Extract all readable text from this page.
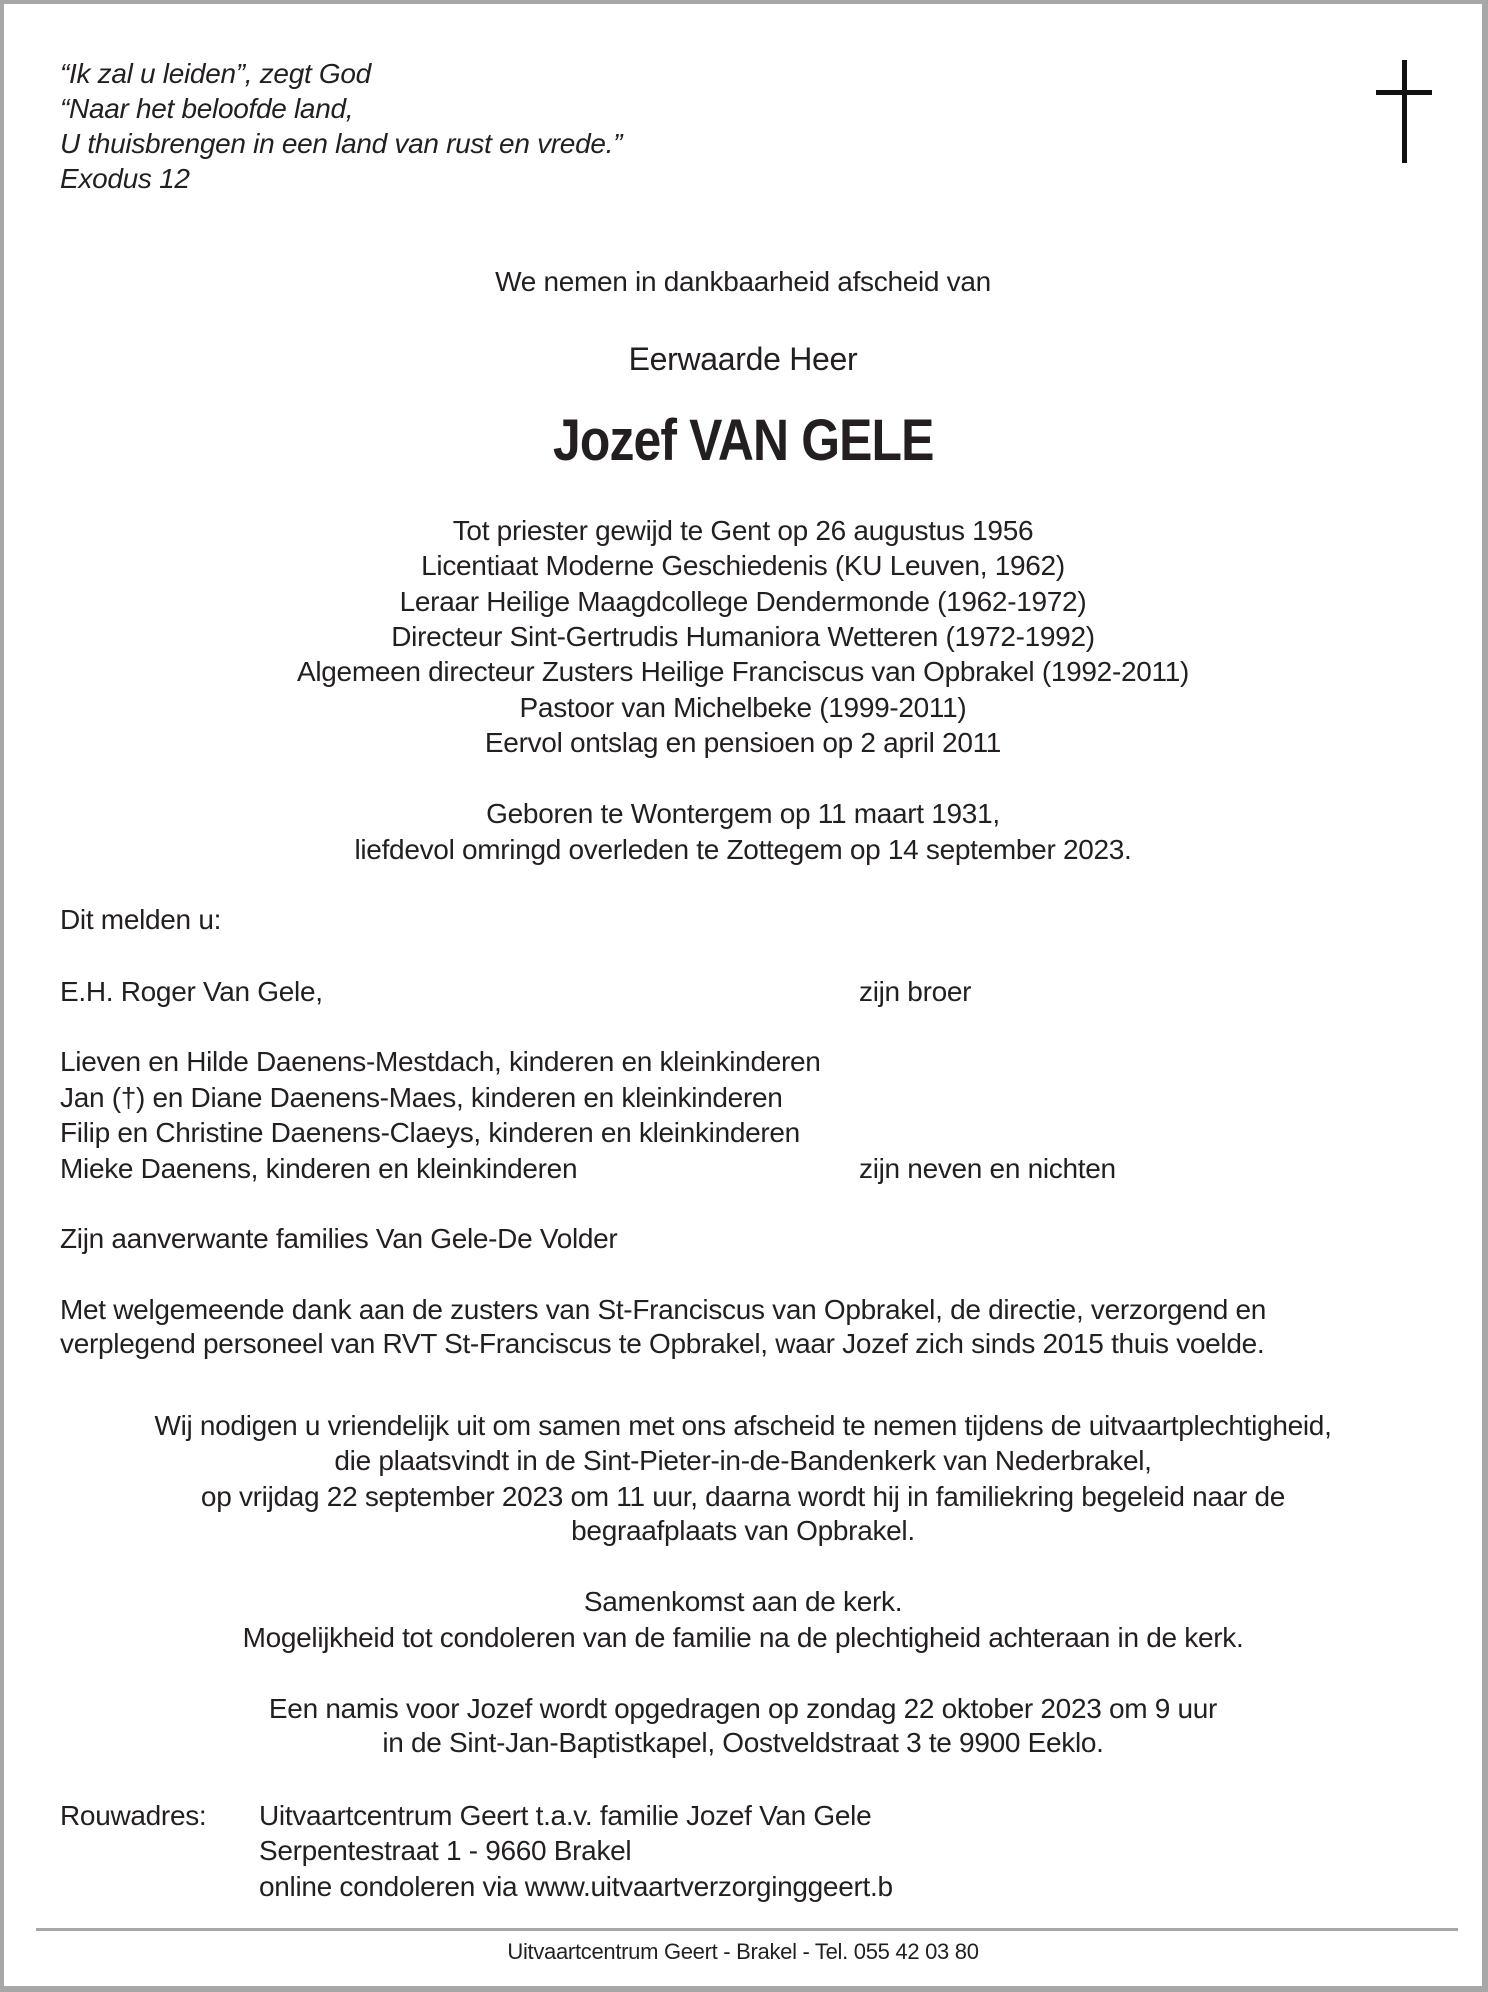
“Ik zal u leiden”, zegt God
“Naar het beloofde land,
U thuisbrengen in een land van rust en vrede.”
Exodus 12
We nemen in dankbaarheid afscheid van
Eerwaarde Heer
Jozef VAN GELE
Tot priester gewijd te Gent op 26 augustus 1956
Licentiaat Moderne Geschiedenis (KU Leuven, 1962)
Leraar Heilige Maagdcollege Dendermonde (1962-1972)
Directeur Sint-Gertrudis Humaniora Wetteren (1972-1992)
Algemeen directeur Zusters Heilige Franciscus van Opbrakel (1992-2011)
Pastoor van Michelbeke (1999-2011)
Eervol ontslag en pensioen op 2 april 2011
Geboren te Wontergem op 11 maart 1931,
liefdevol omringd overleden te Zottegem op 14 september 2023.
Dit melden u:
E.H. Roger Van Gele,	zijn broer
Lieven en Hilde Daenens-Mestdach, kinderen en kleinkinderen
Jan (†) en Diane Daenens-Maes, kinderen en kleinkinderen
Filip en Christine Daenens-Claeys, kinderen en kleinkinderen
Mieke Daenens, kinderen en kleinkinderen	zijn neven en nichten
Zijn aanverwante families Van Gele-De Volder
Met welgemeende dank aan de zusters van St-Franciscus van Opbrakel, de directie, verzorgend en
verplegend personeel van RVT St-Franciscus te Opbrakel, waar Jozef zich sinds 2015 thuis voelde.
Wij nodigen u vriendelijk uit om samen met ons afscheid te nemen tijdens de uitvaartplechtigheid,
die plaatsvindt in de Sint-Pieter-in-de-Bandenkerk van Nederbrakel,
op vrijdag 22 september 2023 om 11 uur, daarna wordt hij in familiekring begeleid naar de
begraafplaats van Opbrakel.
Samenkomst aan de kerk.
Mogelijkheid tot condoleren van de familie na de plechtigheid achteraan in de kerk.
Een namis voor Jozef wordt opgedragen op zondag 22 oktober 2023 om 9 uur
in de Sint-Jan-Baptistkapel, Oostveldstraat 3 te 9900 Eeklo.
Rouwadres: Uitvaartcentrum Geert t.a.v. familie Jozef Van Gele
Serpentestraat 1 - 9660 Brakel
online condoleren via www.uitvaartverzorginggeert.b
Uitvaartcentrum Geert - Brakel - Tel. 055 42 03 80
